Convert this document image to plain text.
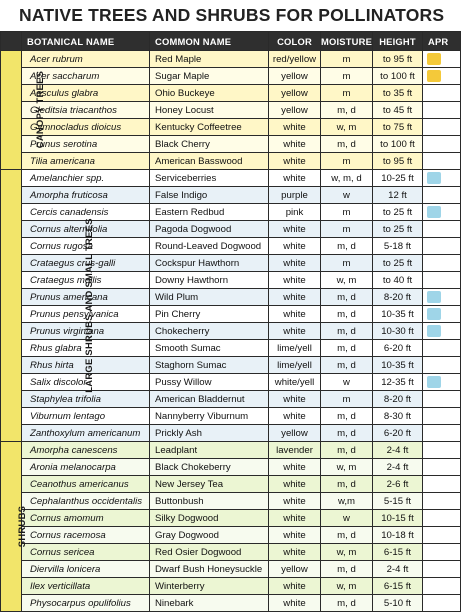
NATIVE TREES AND SHRUBS FOR POLLINATORS
	BOTANICAL NAME	COMMON NAME	COLOR	MOISTURE	HEIGHT	APR
CANOPY TREES	Acer rubrum	Red Maple	red/yellow	m	to 95 ft	

	Acer saccharum	Sugar Maple	yellow	m	to 100 ft	

	Aesculus glabra	Ohio Buckeye	yellow	m	to 35 ft	
	Gleditsia triacanthos	Honey Locust	yellow	m, d	to 45 ft	
	Gymnocladus dioicus	Kentucky Coffeetree	white	w, m	to 75 ft	
	Prunus serotina	Black Cherry	white	m, d	to 100 ft	
	Tilia americana	American Basswood	white	m	to 95 ft	
LARGE SHRUBS AND SMALL TREES	Amelanchier spp.	Serviceberries	white	w, m, d	10-25 ft	

	Amorpha fruticosa	False Indigo	purple	w	12 ft	
	Cercis canadensis	Eastern Redbud	pink	m	to 25 ft	

	Cornus alternifolia	Pagoda Dogwood	white	m	to 25 ft	
	Cornus rugosa	Round-Leaved Dogwood	white	m, d	5-18 ft	
	Crataegus crus-galli	Cockspur Hawthorn	white	m	to 25 ft	
	Crataegus mollis	Downy Hawthorn	white	w, m	to 40 ft	
	Prunus americana	Wild Plum	white	m, d	8-20 ft	

	Prunus pensylvanica	Pin Cherry	white	m, d	10-35 ft	

	Prunus virginiana	Chokecherry	white	m, d	10-30 ft	

	Rhus glabra	Smooth Sumac	lime/yell	m, d	6-20 ft	
	Rhus hirta	Staghorn Sumac	lime/yell	m, d	10-35 ft	
	Salix discolor	Pussy Willow	white/yell	w	12-35 ft	

	Staphylea trifolia	American Bladdernut	white	m	8-20 ft	
	Viburnum lentago	Nannyberry Viburnum	white	m, d	8-30 ft	
	Zanthoxylum americanum	Prickly Ash	yellow	m, d	6-20 ft	
SHRUBS	Amorpha canescens	Leadplant	lavender	m, d	2-4 ft	
	Aronia melanocarpa	Black Chokeberry	white	w, m	2-4 ft	
	Ceanothus americanus	New Jersey Tea	white	m, d	2-6 ft	
	Cephalanthus occidentalis	Buttonbush	white	w,m	5-15 ft	
	Cornus amomum	Silky Dogwood	white	w	10-15 ft	
	Cornus racemosa	Gray Dogwood	white	m, d	10-18 ft	
	Cornus sericea	Red Osier Dogwood	white	w, m	6-15 ft	
	Diervilla lonicera	Dwarf Bush Honeysuckle	yellow	m, d	2-4 ft	
	Ilex verticillata	Winterberry	white	w, m	6-15 ft	
	Physocarpus opulifolius	Ninebark	white	m, d	5-10 ft	
